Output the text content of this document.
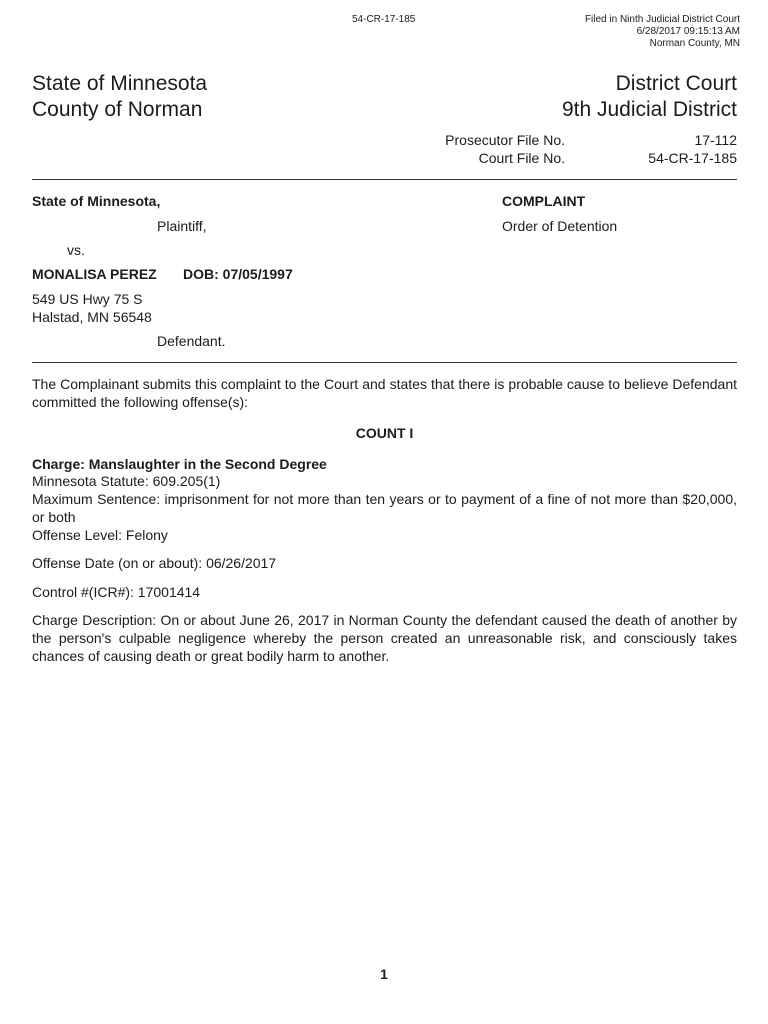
54-CR-17-185	Filed in Ninth Judicial District Court
6/28/2017 09:15:13 AM
Norman County, MN
State of Minnesota
County of Norman
District Court
9th Judicial District
Prosecutor File No.	17-112
Court File No.	54-CR-17-185
State of Minnesota,
Plaintiff,
vs.
MONALISA PEREZ DOB: 07/05/1997
549 US Hwy 75 S
Halstad, MN 56548
Defendant.
COMPLAINT
Order of Detention
The Complainant submits this complaint to the Court and states that there is probable cause to believe Defendant committed the following offense(s):
COUNT I
Charge: Manslaughter in the Second Degree
Minnesota Statute: 609.205(1)
Maximum Sentence: imprisonment for not more than ten years or to payment of a fine of not more than $20,000, or both
Offense Level: Felony
Offense Date (on or about): 06/26/2017
Control #(ICR#): 17001414
Charge Description: On or about June 26, 2017 in Norman County the defendant caused the death of another by the person's culpable negligence whereby the person created an unreasonable risk, and consciously takes chances of causing death or great bodily harm to another.
1
